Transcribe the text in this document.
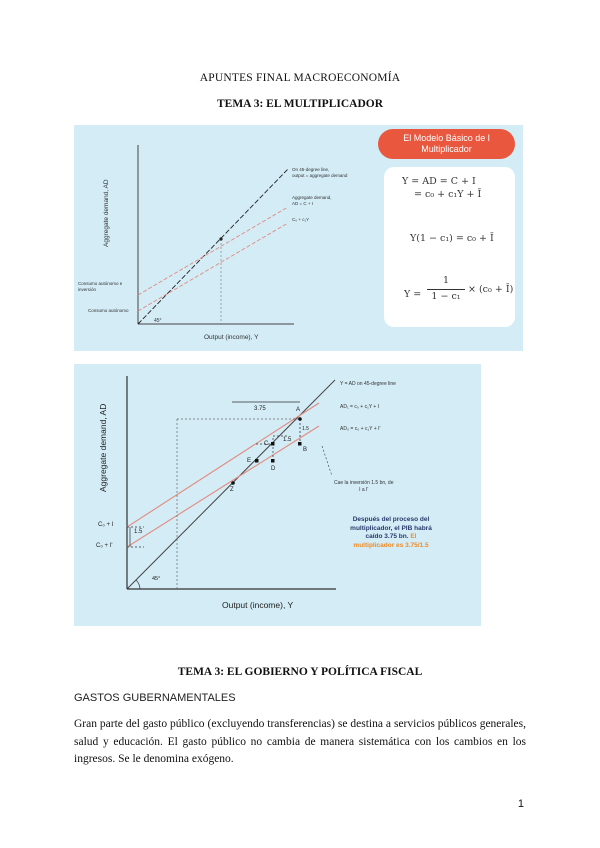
APUNTES FINAL MACROECONOMÍA
TEMA 3: EL MULTIPLICADOR
Aggregate demand, AD
Output (income), Y
On 45-degree line,
output = aggregate demand
Aggregate demand,
AD = C + I
C₀ + c₁Y
Consumo autónomo e
inversión
Consumo autónomo
45°
El Modelo Básico de l
Multiplicador
Y = AD = C + I
= c₀ + c₁Y + Ī
Y(1 − c₁) = c₀ + Ī
Y =
1
1 − c₁
× (c₀ + Ī)
Aggregate demand, AD
Output (income), Y
Y = AD on 45-degree line
AD₁ = c₀ + c₁Y + I
AD₀ = c₀ + c₁Y + I'
3.75
1.5
1.5
1.5
A
B
C
D
E
Z
C₀ + I
C₀ + I'
45°
Cae la inversión 1.5 bn, de
I a I'
Después del proceso del
multiplicador, el PIB habrá
caído 3.75 bn. El
multiplicador es 3.75/1.5
TEMA 3: EL GOBIERNO Y POLÍTICA FISCAL
GASTOS GUBERNAMENTALES
Gran parte del gasto público (excluyendo transferencias) se destina a servicios públicos generales, salud y educación. El gasto público no cambia de manera sistemática con los cambios en los ingresos. Se le denomina exógeno.
1
